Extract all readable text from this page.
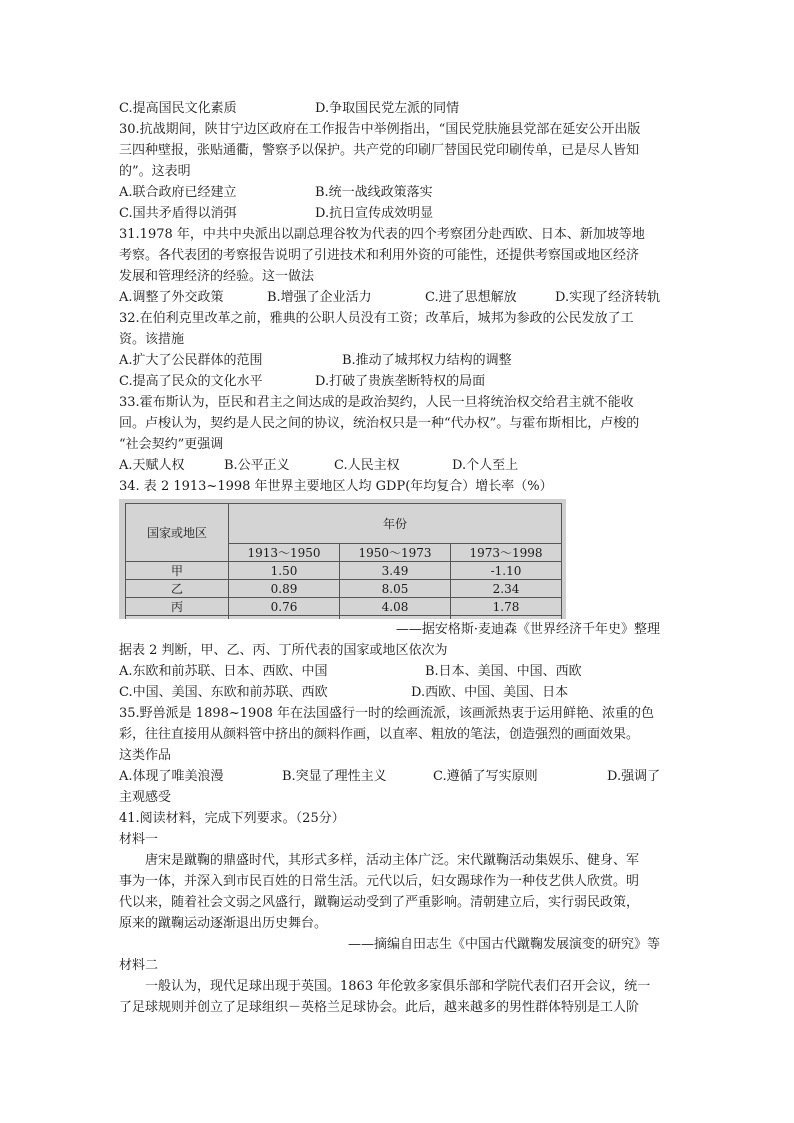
C.提高国民文化素质	D.争取国民党左派的同情
30.抗战期间，陕甘宁边区政府在工作报告中举例指出，“国民党肤施县党部在延安公开出版
三四种壁报，张贴通衢，警察予以保护。共产党的印刷厂替国民党印刷传单，已是尽人皆知
的”。这表明
A.联合政府已经建立	B.统一战线政策落实
C.国共矛盾得以消弭	D.抗日宣传成效明显
31.1978 年，中共中央派出以副总理谷牧为代表的四个考察团分赴西欧、日本、新加坡等地
考察。各代表团的考察报告说明了引进技术和利用外资的可能性，还提供考察国或地区经济
发展和管理经济的经验。这一做法
A.调整了外交政策	B.增强了企业活力	C.进了思想解放	D.实现了经济转轨
32.在伯利克里改革之前，雅典的公职人员没有工资；改革后，城邦为参政的公民发放了工
资。该措施
A.扩大了公民群体的范围	B.推动了城邦权力结构的调整
C.提高了民众的文化水平	D.打破了贵族垄断特权的局面
33.霍布斯认为，臣民和君主之间达成的是政治契约，人民一旦将统治权交给君主就不能收
回。卢梭认为，契约是人民之间的协议，统治权只是一种“代办权”。与霍布斯相比，卢梭的
“社会契约”更强调
A.天赋人权	B.公平正义	C.人民主权	D.个人至上
34. 表 2 1913~1998 年世界主要地区人均 GDP(年均复合）增长率（%）
国家或地区	年份		
	1913～1950	1950～1973	1973～1998
甲	1.50	3.49	-1.10
乙	0.89	8.05	2.34
丙	0.76	4.08	1.78

——据安格斯·麦迪森《世界经济千年史》整理
据表 2 判断，甲、乙、丙、丁所代表的国家或地区依次为
A.东欧和前苏联、日本、西欧、中国	B.日本、美国、中国、西欧
C.中国、美国、东欧和前苏联、西欧	D.西欧、中国、美国、日本
35.野兽派是 1898~1908 年在法国盛行一时的绘画流派，该画派热衷于运用鲜艳、浓重的色
彩，往往直接用从颜料管中挤出的颜料作画，以直率、粗放的笔法，创造强烈的画面效果。
这类作品
A.体现了唯美浪漫	B.突显了理性主义	C.遵循了写实原则	D.强调了
主观感受
41.阅读材料，完成下列要求。（25分）
材料一
唐宋是蹴鞠的鼎盛时代，其形式多样，活动主体广泛。宋代蹴鞠活动集娱乐、健身、军
事为一体，并深入到市民百姓的日常生活。元代以后，妇女踢球作为一种伎艺供人欣赏。明
代以来，随着社会文弱之风盛行，蹴鞠运动受到了严重影响。清朝建立后，实行弱民政策，
原来的蹴鞠运动逐渐退出历史舞台。
——摘编自田志生《中国古代蹴鞠发展演变的研究》等
材料二
一般认为，现代足球出现于英国。1863 年伦敦多家俱乐部和学院代表们召开会议，统一
了足球规则并创立了足球组织－英格兰足球协会。此后，越来越多的男性群体特别是工人阶
